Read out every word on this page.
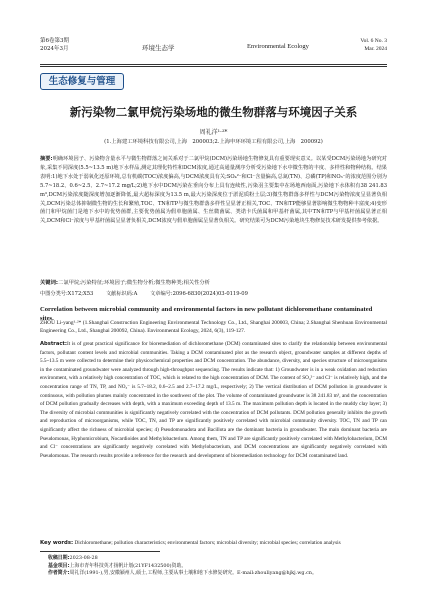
第6卷第3期
2024年3月	环境生态学	Environmental Ecology
Vol. 6 No. 3
Mar. 2024
生态修复与管理
新污染物二氯甲烷污染场地的微生物群落与环境因子关系
周礼洋¹·²*
(1.上海建工环境科技有限公司,上海　200003;2.上海申环环境工程有限公司,上海　200092)
摘要:明确环境因子、污染物含量水平与微生物群落之间关系对于二氯甲烷(DCM)污染场地生物修复具有重要现实意义。以某受DCM污染场地为研究对象,采集不同深度(5.5~13.5 m)地下水样品,测定其理化特性和DCM浓度,通过高通量测序分析受污染地下水中微生物的丰度、多样性和物种结构。结果表明:1)地下水处于弱氧化还原环境,总有机碳(TOC)浓度偏高,与DCM浓度具有关;SO₄²⁻和Cl⁻含量偏高,总氮(TN)、总磷(TP)和NO₃⁻的浓度范围分别为5.7~18.2、0.6~2.5、2.7~17.2 mg/L;2)地下水中DCM污染在垂向分布上具有连续性,污染羽主要集中在场地西南面,污染地下水体积有38 241.83 m³,DCM污染浓度随深度增加逐渐降低,最大超标深度为13.5 m,最大污染深度位于淤泥质粉土层;3)微生物群落多样性与DCM污染物浓度呈显著负相关,DCM污染总体抑制微生物的生长和繁殖,TOC、TN和TP与微生物群落多样性呈显著正相关,TOC、TN和TP能够显著影响微生物物种丰富度;4)变形菌门和甲烷菌门是地下水中的优势菌群,主要优势菌属为假单胞菌属、生丝微菌属、类诺卡氏菌属和甲基杆菌属,其中TN和TP与甲基杆菌属显著正相关,DCM和Cl⁻浓度与甲基杆菌属呈显著负相关,DCM浓度与假单胞菌属呈显著负相关。研究结果可为DCM污染地块生物修复技术研发提供参考依据。
关键词:二氯甲烷;污染特征;环境因子;微生物分析;微生物种类;相关性分析
中图分类号:X172;X53 文献标识码:A 文章编号:2096-6830(2024)03-0119-09
Correlation between microbial community and environmental factors in new pollutant dichloromethane contaminated sites.
ZHOU Li-yang¹·²* (1.Shanghai Construction Engineering Environmental Technology Co., Ltd., Shanghai 200003, China; 2.Shanghai Shenhuan Environmental Engineering Co., Ltd., Shanghai 200092, China). Environmental Ecology, 2024, 6(3), 119-127.
Abstract:It is of great practical significance for bioremediation of dichloromethane (DCM) contaminated sites to clarify the relationship between environmental factors, pollutant content levels and microbial communities. Taking a DCM contaminated plot as the research object, groundwater samples at different depths of 5.5~13.5 m were collected to determine their physicochemical properties and DCM concentration. The abundance, diversity, and species structure of microorganisms in the contaminated groundwater were analyzed through high-throughput sequencing. The results indicate that: 1) Groundwater is in a weak oxidation and reduction environment, with a relatively high concentration of TOC, which is related to the high concentration of DCM. The content of SO₄²⁻ and Cl⁻ is relatively high, and the concentration range of TN, TP, and NO₃⁻ is 5.7~18.2, 0.6~2.5 and 2.7~17.2 mg/L, respectively; 2) The vertical distribution of DCM pollution in groundwater is continuous, with pollution plumes mainly concentrated in the southwest of the plot. The volume of contaminated groundwater is 38 241.83 m³, and the concentration of DCM pollution gradually decreases with depth, with a maximum exceeding depth of 13.5 m. The maximum pollution depth is located in the muddy clay layer; 3) The diversity of microbial communities is significantly negatively correlated with the concentration of DCM pollutants. DCM pollution generally inhibits the growth and reproduction of microorganisms, while TOC, TN, and TP are significantly positively correlated with microbial community diversity. TOC, TN and TP can significantly affect the richness of microbial species; 4) Pseudomonadota and Bacillota are the dominant bacteria in groundwater. The main dominant bacteria are Pseudomonas, Hyphomicrobium, Nocardioides and Methylobacterium. Among them, TN and TP are significantly positively correlated with Methylobacterium, DCM and Cl⁻ concentrations are significantly negatively correlated with Methylobacterium, and DCM concentrations are significantly negatively correlated with Pseudomonas. The research results provide a reference for the research and development of bioremediation technology for DCM contaminated land.
Key words: Dichloromethane; pollution characteristics; environmental factors; microbial diversity; microbial species; correlation analysis
收稿日期:2023-08-28
基金项目:上海市青年科技英才扬帆计划(21YF1432500)资助。
作者简介:周礼洋(1991-),男,安徽颍州人,硕士,工程师,主要从事土壤和地下水修复研究。E-mail:zhouliyang@hjkj.wg.cn。
